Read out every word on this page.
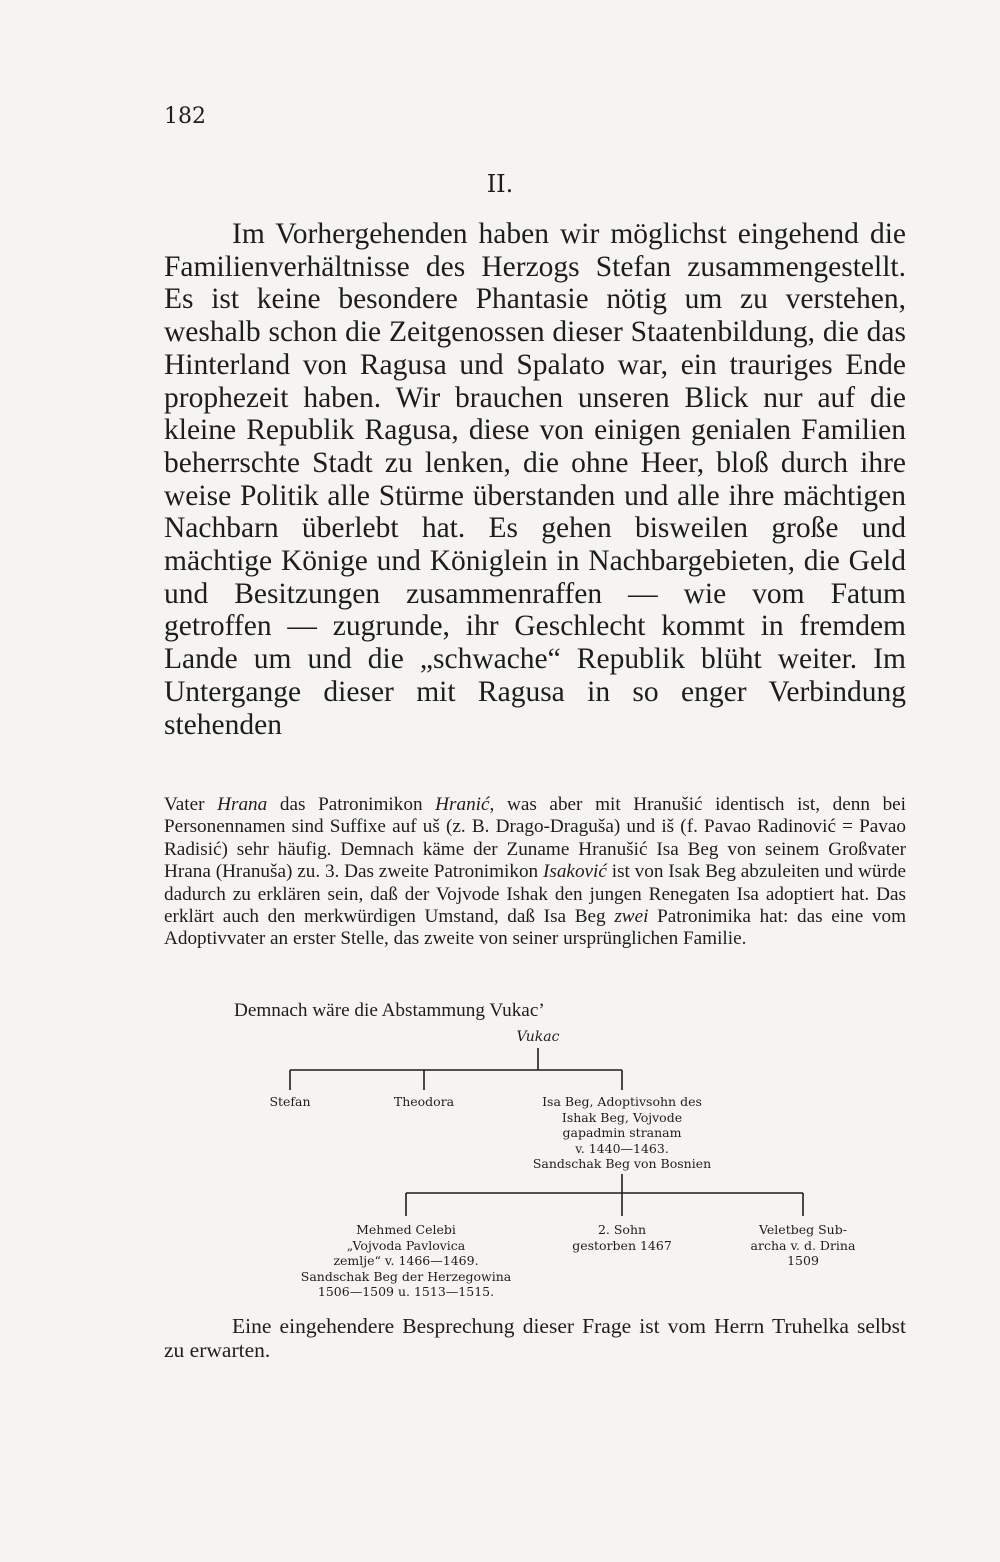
182
II.

Im Vorhergehenden haben wir möglichst eingehend die Familienverhältnisse des Herzogs Stefan zusammengestellt. Es ist keine besondere Phantasie nötig um zu verstehen, weshalb schon die Zeitgenossen dieser Staatenbildung, die das Hinterland von Ragusa und Spalato war, ein trauriges Ende prophezeit haben. Wir brauchen unseren Blick nur auf die kleine Republik Ragusa, diese von einigen genialen Familien beherrschte Stadt zu lenken, die ohne Heer, bloß durch ihre weise Politik alle Stürme überstanden und alle ihre mächtigen Nachbarn überlebt hat. Es gehen bisweilen große und mächtige Könige und Königlein in Nachbargebieten, die Geld und Besitzungen zusammenraffen — wie vom Fatum getroffen — zugrunde, ihr Geschlecht kommt in fremdem Lande um und die „schwache“ Republik blüht weiter. Im Untergange dieser mit Ragusa in so enger Verbindung stehenden

Vater Hrana das Patronimikon Hranić, was aber mit Hranušić identisch ist, denn bei Personennamen sind Suffixe auf uš (z. B. Drago-Draguša) und iš (f. Pavao Radinović = Pavao Radisić) sehr häufig. Demnach käme der Zuname Hranušić Isa Beg von seinem Großvater Hrana (Hranuša) zu. 3. Das zweite Patronimikon Isaković ist von Isak Beg abzuleiten und würde dadurch zu erklären sein, daß der Vojvode Ishak den jungen Renegaten Isa adoptiert hat. Das erklärt auch den merkwürdigen Umstand, daß Isa Beg zwei Patronimika hat: das eine vom Adoptivvater an erster Stelle, das zweite von seiner ursprünglichen Familie.

Demnach wäre die Abstammung Vukac’
Vukac
Stefan	Theodora	Isa Beg, Adoptivsohn des
Ishak Beg, Vojvode
gapadmin stranam
v. 1440—1463.
Sandschak Beg von Bosnien
Mehmed Celebi
„Vojvoda Pavlovica
zemlje“ v. 1466—1469.
Sandschak Beg der Herzegowina
1506—1509 u. 1513—1515.
2. Sohn
gestorben 1467
Veletbeg Sub-
archa v. d. Drina
1509

Eine eingehendere Besprechung dieser Frage ist vom Herrn Truhelka selbst zu erwarten.
